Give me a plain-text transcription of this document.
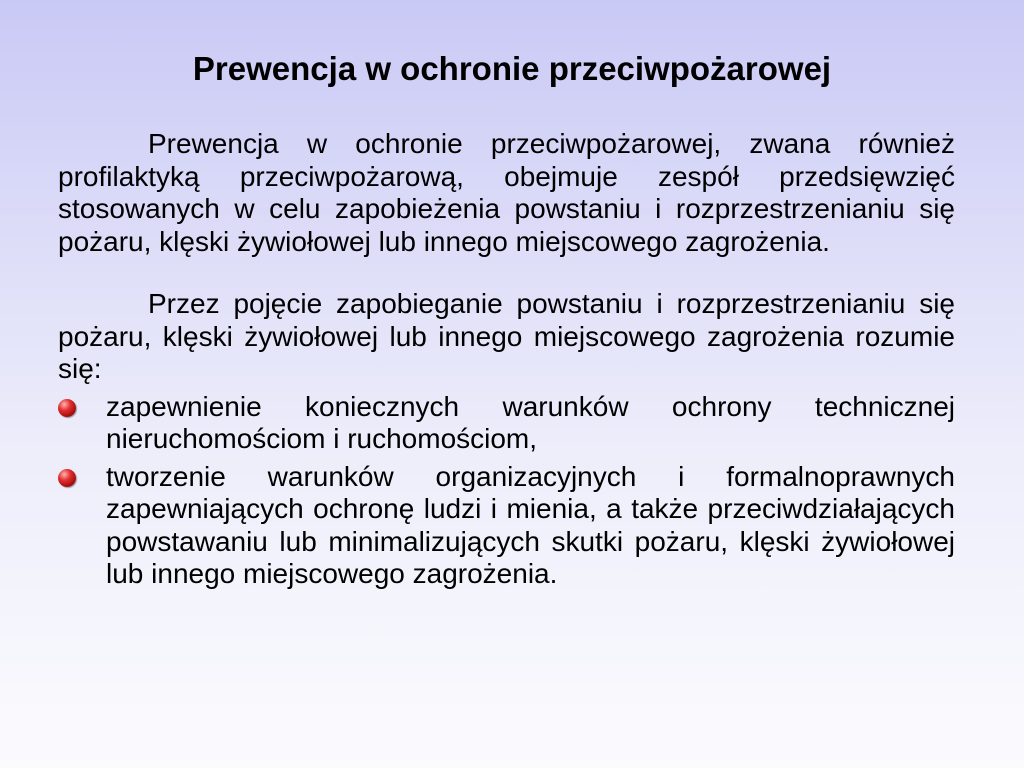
Prewencja w ochronie przeciwpożarowej

Prewencja w ochronie przeciwpożarowej, zwana również profilaktyką przeciwpożarową, obejmuje zespół przedsięwzięć stosowanych w celu zapobieżenia powstaniu i rozprzestrzenianiu się pożaru, klęski żywiołowej lub innego miejscowego zagrożenia.

Przez pojęcie zapobieganie powstaniu i rozprzestrzenianiu się pożaru, klęski żywiołowej lub innego miejscowego zagrożenia rozumie się:

zapewnienie koniecznych warunków ochrony technicznej nieruchomościom i ruchomościom,
tworzenie warunków organizacyjnych i formalnoprawnych zapewniających ochronę ludzi i mienia, a także przeciwdziałających powstawaniu lub minimalizujących skutki pożaru, klęski żywiołowej lub innego miejscowego zagrożenia.
